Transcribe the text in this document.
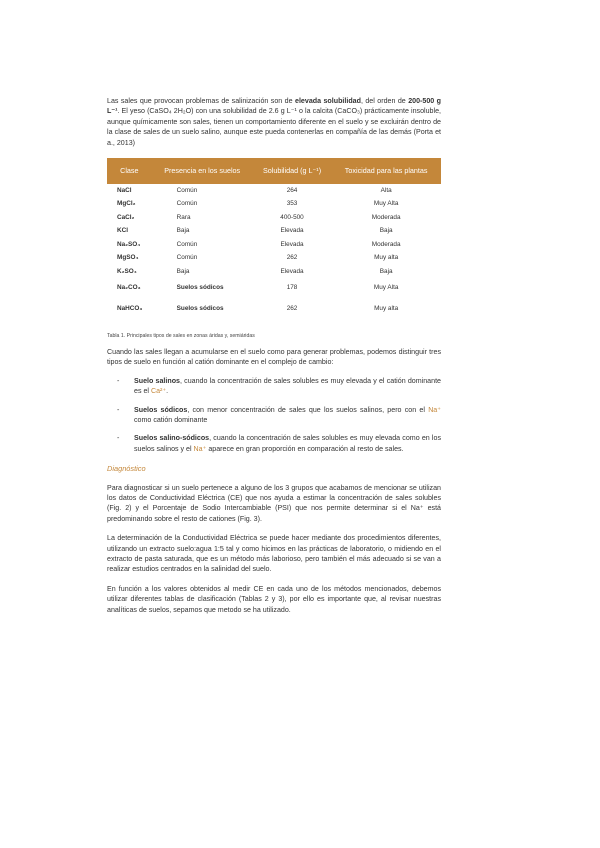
Las sales que provocan problemas de salinización son de elevada solubilidad, del orden de 200-500 g L⁻¹. El yeso (CaSO₄ 2H₂O) con una solubilidad de 2.6 g L⁻¹ o la calcita (CaCO₃) prácticamente insoluble, aunque químicamente son sales, tienen un comportamiento diferente en el suelo y se excluirán dentro de la clase de sales de un suelo salino, aunque este pueda contenerlas en compañía de las demás (Porta et a., 2013)

Clase	Presencia en los suelos	Solubilidad (g L⁻¹)	Toxicidad para las plantas
NaCl	Común	264	Alta
MgCl₂	Común	353	Muy Alta
CaCl₂	Rara	400-500	Moderada
KCl	Baja	Elevada	Baja
Na₂SO₄	Común	Elevada	Moderada
MgSO₄	Común	262	Muy alta
K₂SO₄	Baja	Elevada	Baja
Na₂CO₃	Suelos sódicos	178	Muy Alta
NaHCO₃	Suelos sódicos	262	Muy alta
Tabla 1. Principales tipos de sales en zonas áridas y, semiáridas

Cuando las sales llegan a acumularse en el suelo como para generar problemas, podemos distinguir tres tipos de suelo en función al catión dominante en el complejo de cambio:

- Suelo salinos, cuando la concentración de sales solubles es muy elevada y el catión dominante es el Ca²⁺.
- Suelos sódicos, con menor concentración de sales que los suelos salinos, pero con el Na⁺ como catión dominante
- Suelos salino-sódicos, cuando la concentración de sales solubles es muy elevada como en los suelos salinos y el Na⁺ aparece en gran proporción en comparación al resto de sales.
Diagnóstico

Para diagnosticar si un suelo pertenece a alguno de los 3 grupos que acabamos de mencionar se utilizan los datos de Conductividad Eléctrica (CE) que nos ayuda a estimar la concentración de sales solubles (Fig. 2) y el Porcentaje de Sodio Intercambiable (PSI) que nos permite determinar si el Na⁺ está predominando sobre el resto de cationes (Fig. 3).

La determinación de la Conductividad Eléctrica se puede hacer mediante dos procedimientos diferentes, utilizando un extracto suelo:agua 1:5 tal y como hicimos en las prácticas de laboratorio, o midiendo en el extracto de pasta saturada, que es un método más laborioso, pero también el más adecuado si se van a realizar estudios centrados en la salinidad del suelo.

En función a los valores obtenidos al medir CE en cada uno de los métodos mencionados, debemos utilizar diferentes tablas de clasificación (Tablas 2 y 3), por ello es importante que, al revisar nuestras analíticas de suelos, sepamos que metodo se ha utilizado.
